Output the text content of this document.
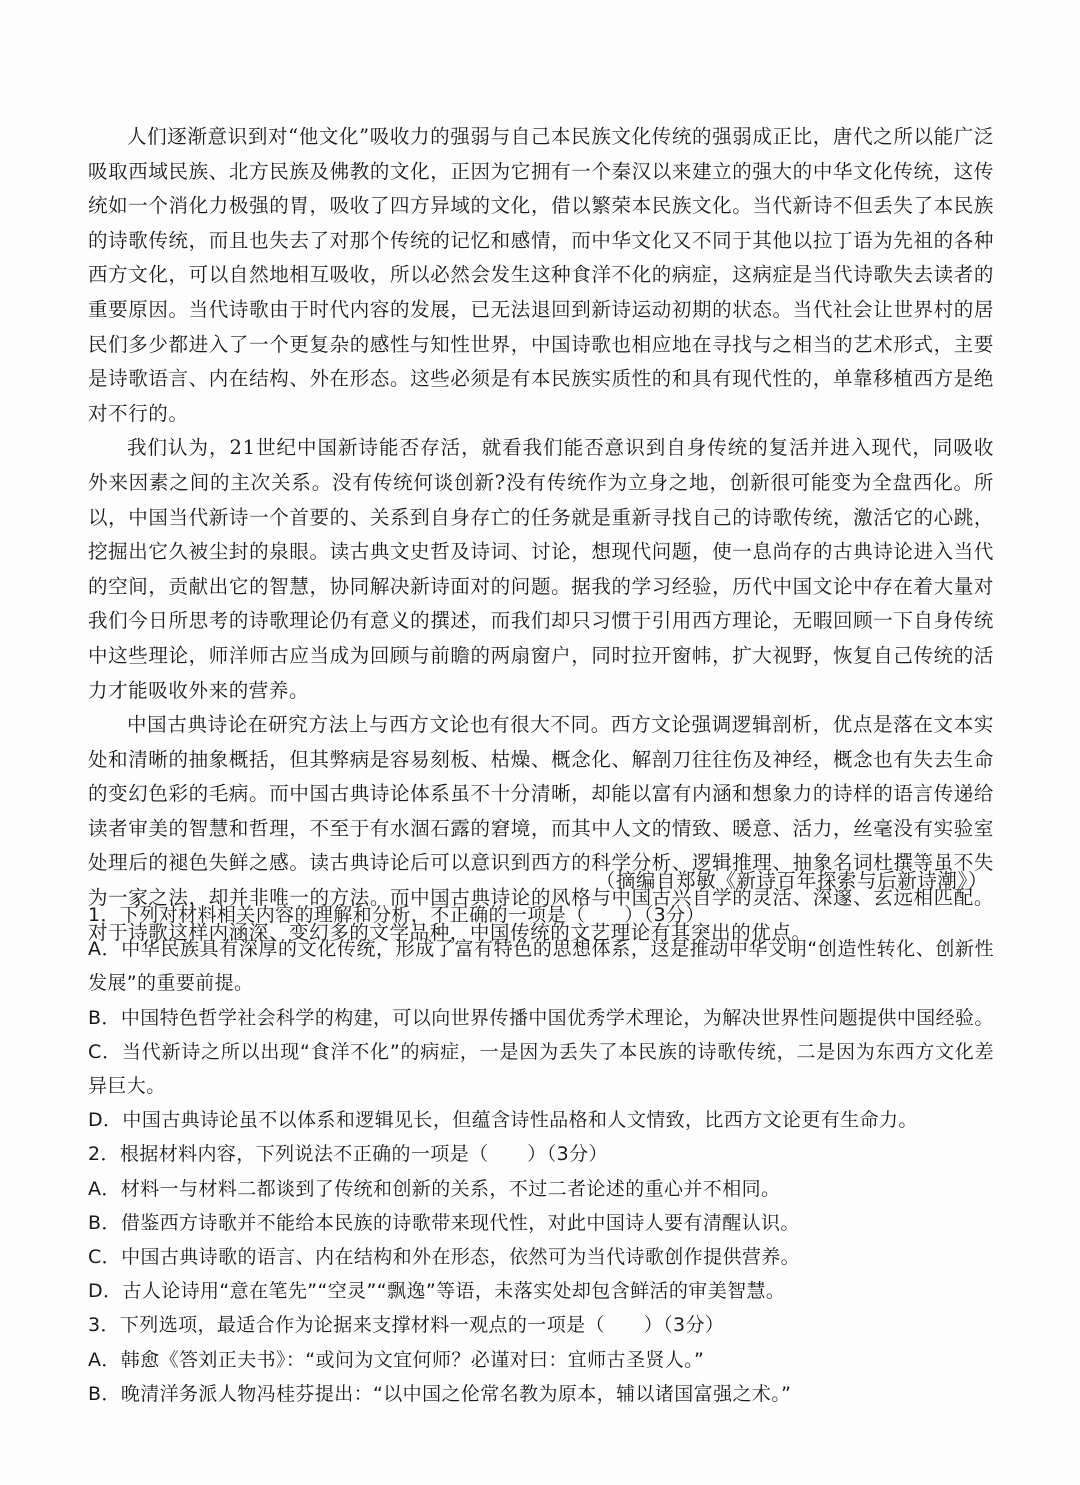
人们逐渐意识到对“他文化”吸收力的强弱与自己本民族文化传统的强弱成正比，唐代之所以能广泛吸取西域民族、北方民族及佛教的文化，正因为它拥有一个秦汉以来建立的强大的中华文化传统，这传统如一个消化力极强的胃，吸收了四方异域的文化，借以繁荣本民族文化。当代新诗不但丢失了本民族的诗歌传统，而且也失去了对那个传统的记忆和感情，而中华文化又不同于其他以拉丁语为先祖的各种西方文化，可以自然地相互吸收，所以必然会发生这种食洋不化的病症，这病症是当代诗歌失去读者的重要原因。当代诗歌由于时代内容的发展，已无法退回到新诗运动初期的状态。当代社会让世界村的居民们多少都进入了一个更复杂的感性与知性世界，中国诗歌也相应地在寻找与之相当的艺术形式，主要是诗歌语言、内在结构、外在形态。这些必须是有本民族实质性的和具有现代性的，单靠移植西方是绝对不行的。

我们认为，21世纪中国新诗能否存活，就看我们能否意识到自身传统的复活并进入现代，同吸收外来因素之间的主次关系。没有传统何谈创新?没有传统作为立身之地，创新很可能变为全盘西化。所以，中国当代新诗一个首要的、关系到自身存亡的任务就是重新寻找自己的诗歌传统，激活它的心跳，挖掘出它久被尘封的泉眼。读古典文史哲及诗词、讨论，想现代问题，使一息尚存的古典诗论进入当代的空间，贡献出它的智慧，协同解决新诗面对的问题。据我的学习经验，历代中国文论中存在着大量对我们今日所思考的诗歌理论仍有意义的撰述，而我们却只习惯于引用西方理论，无暇回顾一下自身传统中这些理论，师洋师古应当成为回顾与前瞻的两扇窗户，同时拉开窗帏，扩大视野，恢复自己传统的活力才能吸收外来的营养。

中国古典诗论在研究方法上与西方文论也有很大不同。西方文论强调逻辑剖析，优点是落在文本实处和清晰的抽象概括，但其弊病是容易刻板、枯燥、概念化、解剖刀往往伤及神经，概念也有失去生命的变幻色彩的毛病。而中国古典诗论体系虽不十分清晰，却能以富有内涵和想象力的诗样的语言传递给读者审美的智慧和哲理，不至于有水涸石露的窘境，而其中人文的情致、暖意、活力，丝毫没有实验室处理后的褪色失鲜之感。读古典诗论后可以意识到西方的科学分析、逻辑推理、抽象名词杜撰等虽不失为一家之法，却并非唯一的方法。而中国古典诗论的风格与中国古兴自学的灵活、深邃、玄远相匹配。对于诗歌这样内涵深、变幻多的文学品种，中国传统的文艺理论有其突出的优点。

（摘编自郑敏《新诗百年探索与后新诗潮》）

1．下列对材料相关内容的理解和分析，不正确的一项是（　　）（3分）

A．中华民族具有深厚的文化传统，形成了富有特色的思想体系，这是推动中华文明“创造性转化、创新性发展”的重要前提。

B．中国特色哲学社会科学的构建，可以向世界传播中国优秀学术理论，为解决世界性问题提供中国经验。

C．当代新诗之所以出现“食洋不化”的病症，一是因为丢失了本民族的诗歌传统，二是因为东西方文化差异巨大。

D．中国古典诗论虽不以体系和逻辑见长，但蕴含诗性品格和人文情致，比西方文论更有生命力。

2．根据材料内容，下列说法不正确的一项是（　　）（3分）

A．材料一与材料二都谈到了传统和创新的关系，不过二者论述的重心并不相同。

B．借鉴西方诗歌并不能给本民族的诗歌带来现代性，对此中国诗人要有清醒认识。

C．中国古典诗歌的语言、内在结构和外在形态，依然可为当代诗歌创作提供营养。

D．古人论诗用“意在笔先”“空灵”“飘逸”等语，未落实处却包含鲜活的审美智慧。

3．下列选项，最适合作为论据来支撑材料一观点的一项是（　　）（3分）

A．韩愈《答刘正夫书》：“或问为文宜何师？必谨对曰：宜师古圣贤人。”

B．晚清洋务派人物冯桂芬提出：“以中国之伦常名教为原本，辅以诸国富强之术。”
